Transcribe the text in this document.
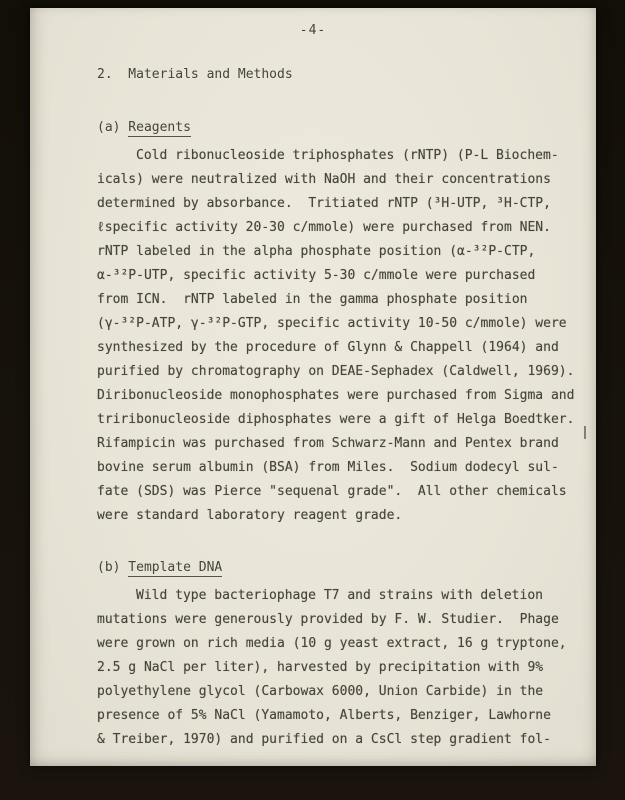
-4-
2.  Materials and Methods
(a) Reagents
Cold ribonucleoside triphosphates (rNTP) (P-L Biochem-
icals) were neutralized with NaOH and their concentrations
determined by absorbance.  Tritiated rNTP (³H-UTP, ³H-CTP,
ℓspecific activity 20-30 c/mmole) were purchased from NEN.
rNTP labeled in the alpha phosphate position (α-³²P-CTP,
α-³²P-UTP, specific activity 5-30 c/mmole were purchased
from ICN.  rNTP labeled in the gamma phosphate position
(γ-³²P-ATP, γ-³²P-GTP, specific activity 10-50 c/mmole) were
synthesized by the procedure of Glynn & Chappell (1964) and
purified by chromatography on DEAE-Sephadex (Caldwell, 1969).
Diribonucleoside monophosphates were purchased from Sigma and
triribonucleoside diphosphates were a gift of Helga Boedtker.
Rifampicin was purchased from Schwarz-Mann and Pentex brand
bovine serum albumin (BSA) from Miles.  Sodium dodecyl sul-
fate (SDS) was Pierce "sequenal grade".  All other chemicals
were standard laboratory reagent grade.
(b) Template DNA
Wild type bacteriophage T7 and strains with deletion
mutations were generously provided by F. W. Studier.  Phage
were grown on rich media (10 g yeast extract, 16 g tryptone,
2.5 g NaCl per liter), harvested by precipitation with 9%
polyethylene glycol (Carbowax 6000, Union Carbide) in the
presence of 5% NaCl (Yamamoto, Alberts, Benziger, Lawhorne
& Treiber, 1970) and purified on a CsCl step gradient fol-
